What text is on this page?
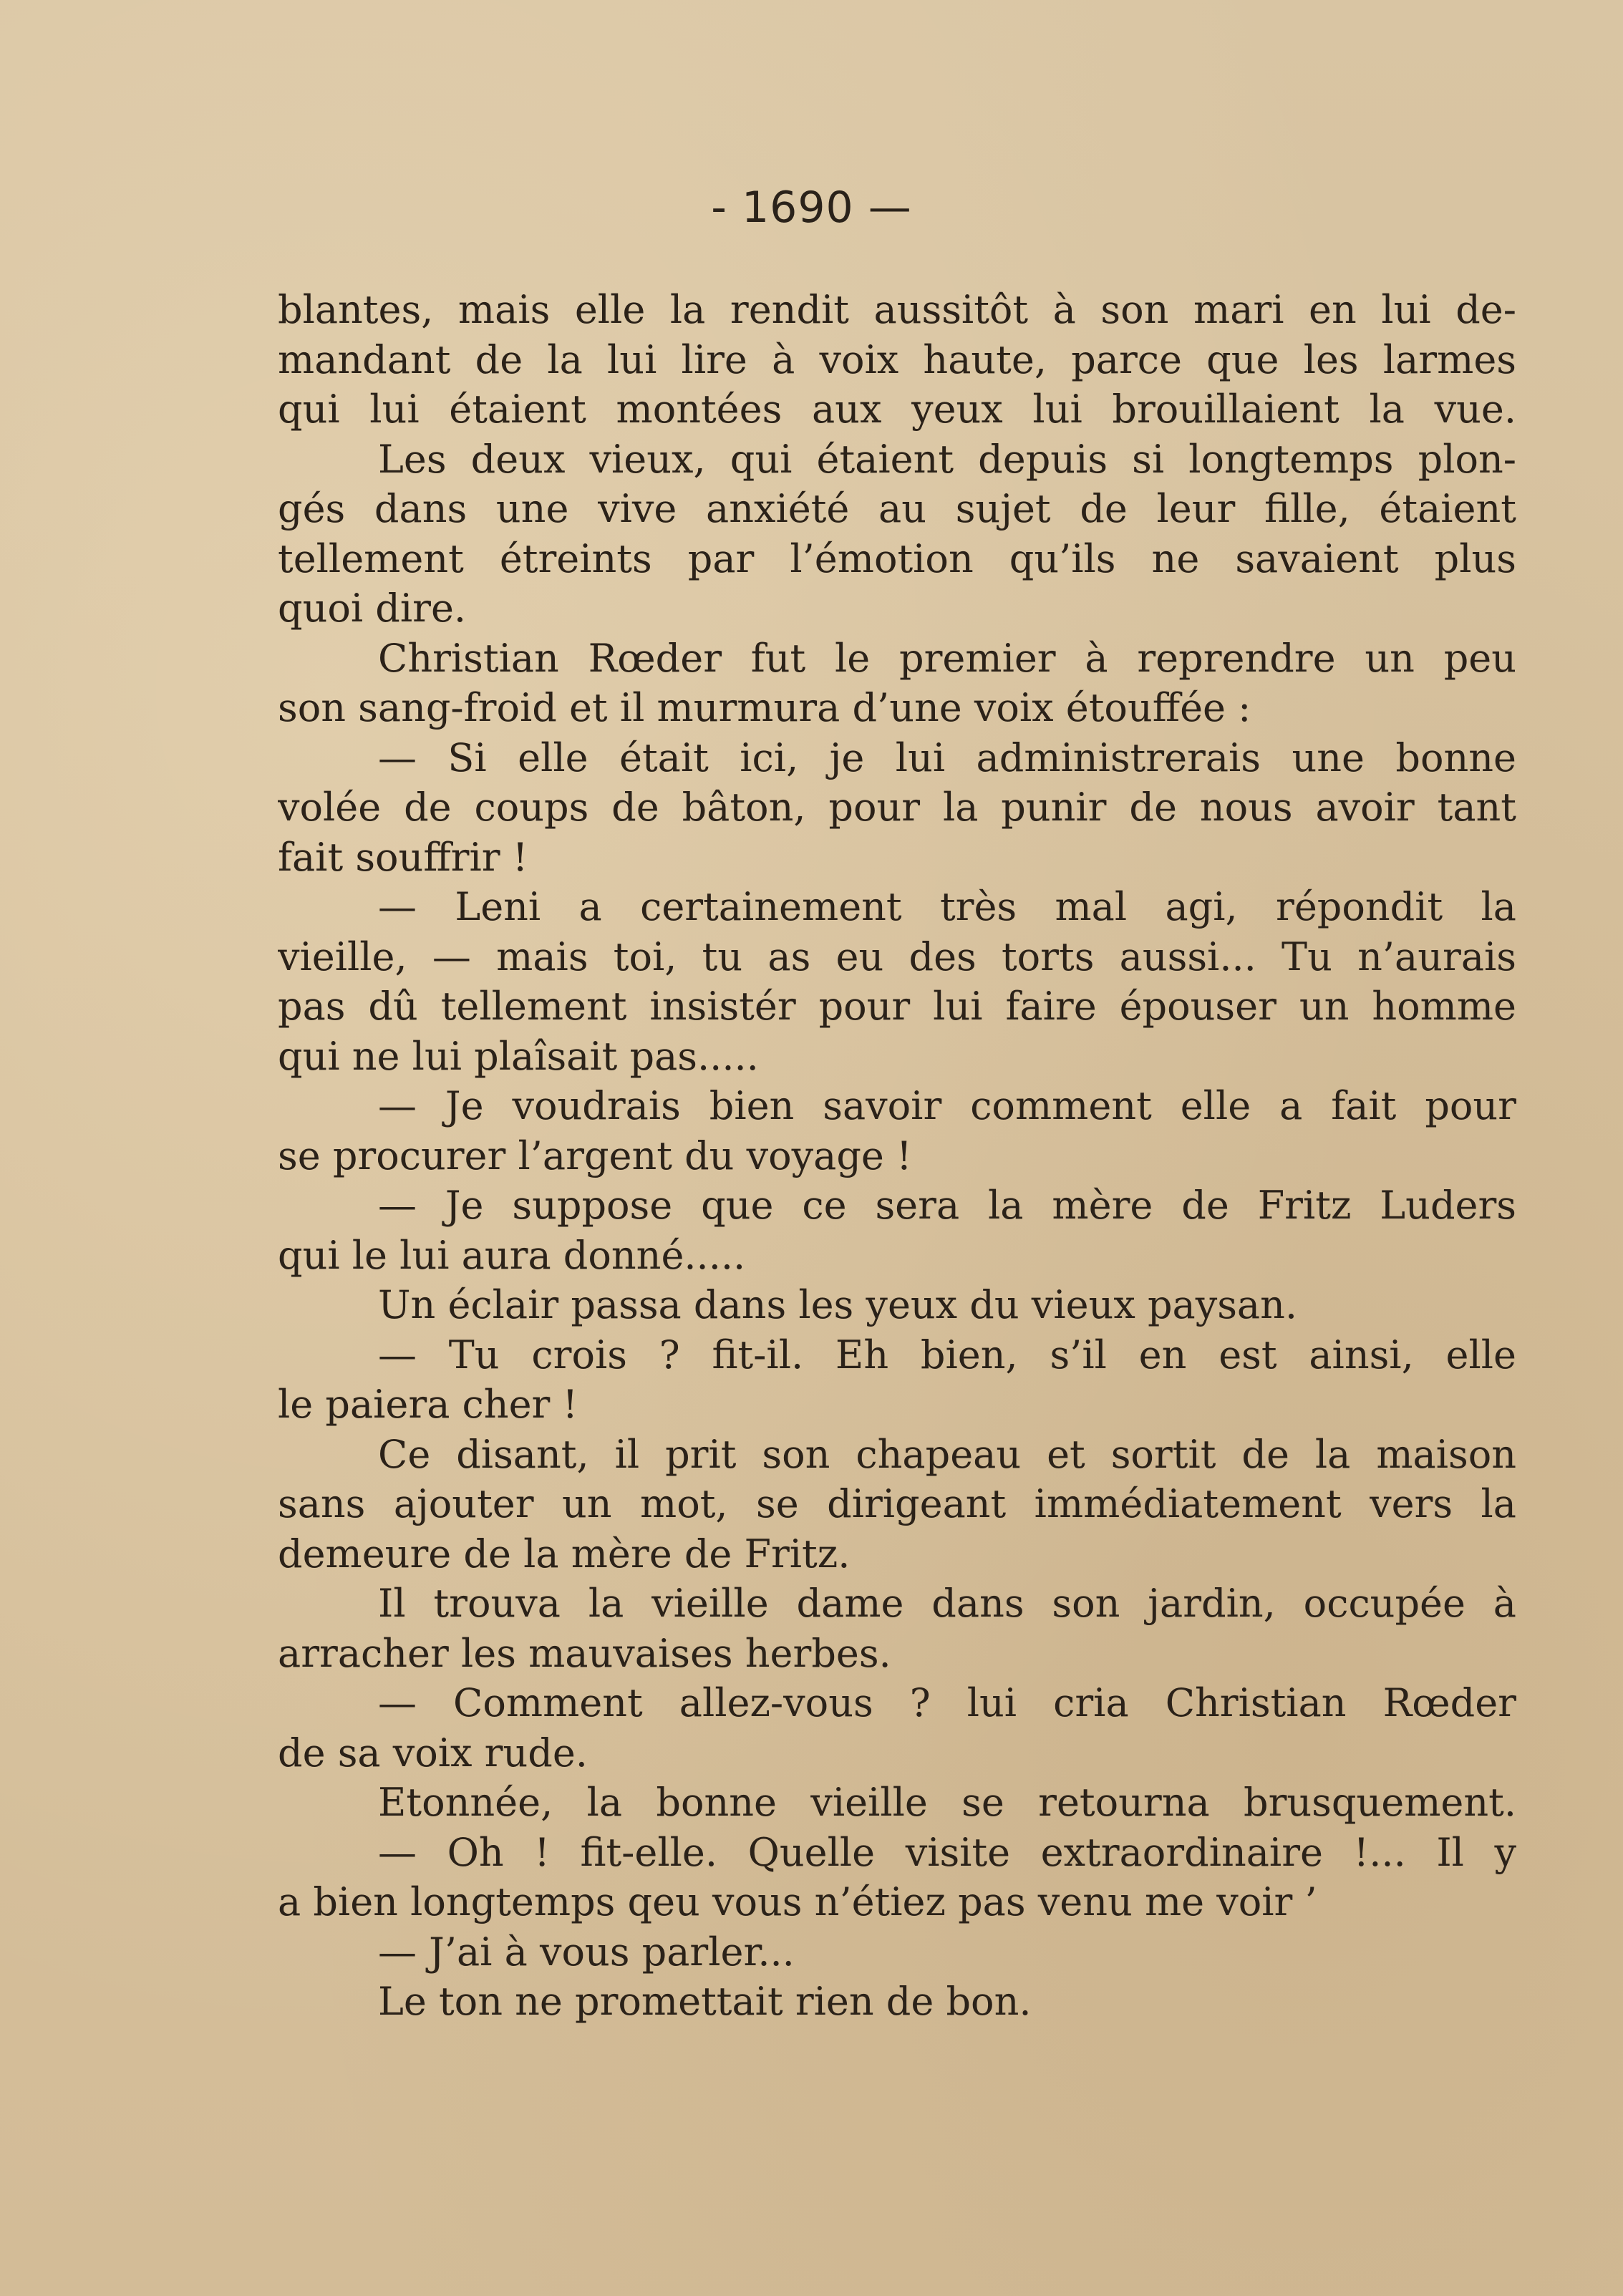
- 1690 —
blantes, mais elle la rendit aussitôt à son mari en lui de-
mandant de la lui lire à voix haute, parce que les larmes
qui lui étaient montées aux yeux lui brouillaient la vue.
Les deux vieux, qui étaient depuis si longtemps plon-
gés dans une vive anxiété au sujet de leur fille, étaient
tellement étreints par l’émotion qu’ils ne savaient plus
quoi dire.
Christian Rœder fut le premier à reprendre un peu
son sang-froid et il murmura d’une voix étouffée :
— Si elle était ici, je lui administrerais une bonne
volée de coups de bâton, pour la punir de nous avoir tant
fait souffrir !
— Leni a certainement très mal agi, répondit la
vieille, — mais toi, tu as eu des torts aussi... Tu n’aurais
pas dû tellement insistér pour lui faire épouser un homme
qui ne lui plaîsait pas.....
— Je voudrais bien savoir comment elle a fait pour
se procurer l’argent du voyage !
— Je suppose que ce sera la mère de Fritz Luders
qui le lui aura donné.....
Un éclair passa dans les yeux du vieux paysan.
— Tu crois ? fit-il. Eh bien, s’il en est ainsi, elle
le paiera cher !
Ce disant, il prit son chapeau et sortit de la maison
sans ajouter un mot, se dirigeant immédiatement vers la
demeure de la mère de Fritz.
Il trouva la vieille dame dans son jardin, occupée à
arracher les mauvaises herbes.
— Comment allez-vous ? lui cria Christian Rœder
de sa voix rude.
Etonnée, la bonne vieille se retourna brusquement.
— Oh ! fit-elle. Quelle visite extraordinaire !... Il y
a bien longtemps qeu vous n’étiez pas venu me voir ’
— J’ai à vous parler...
Le ton ne promettait rien de bon.
